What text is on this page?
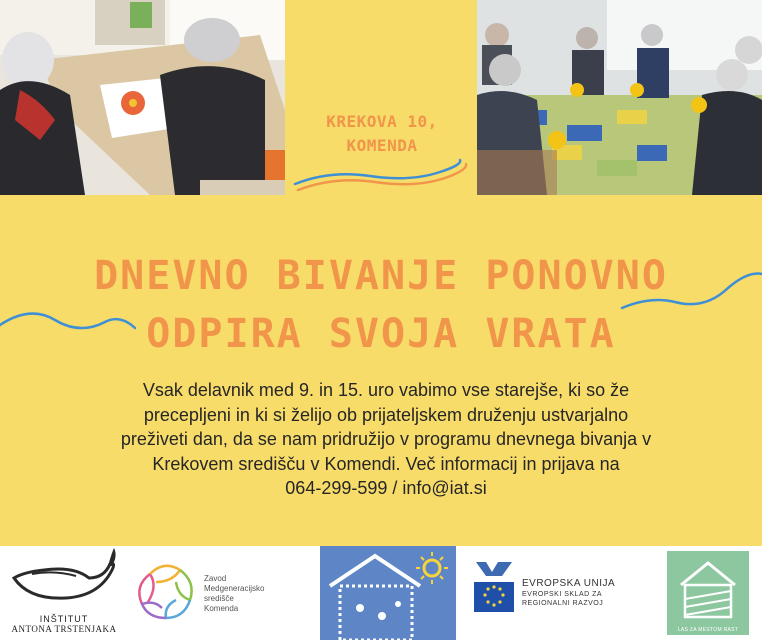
KREKOVA 10,
KOMENDA
DNEVNO BIVANJE PONOVNO
ODPIRA SVOJA VRATA
Vsak delavnik med 9. in 15. uro vabimo vse starejše, ki so že
precepljeni in ki si želijo ob prijateljskem druženju ustvarjalno
preživeti dan, da se nam pridružijo v programu dnevnega bivanja v
Krekovem središču v Komendi. Več informacij in prijava na
064-299-599 / info@iat.si
INŠTITUT
ANTONA TRSTENJAKA
Zavod
Medgeneracijsko središče
Komenda
EVROPSKA UNIJA
EVROPSKI SKLAD ZA
REGIONALNI RAZVOJ
LAS ZA MESTOM RAST
